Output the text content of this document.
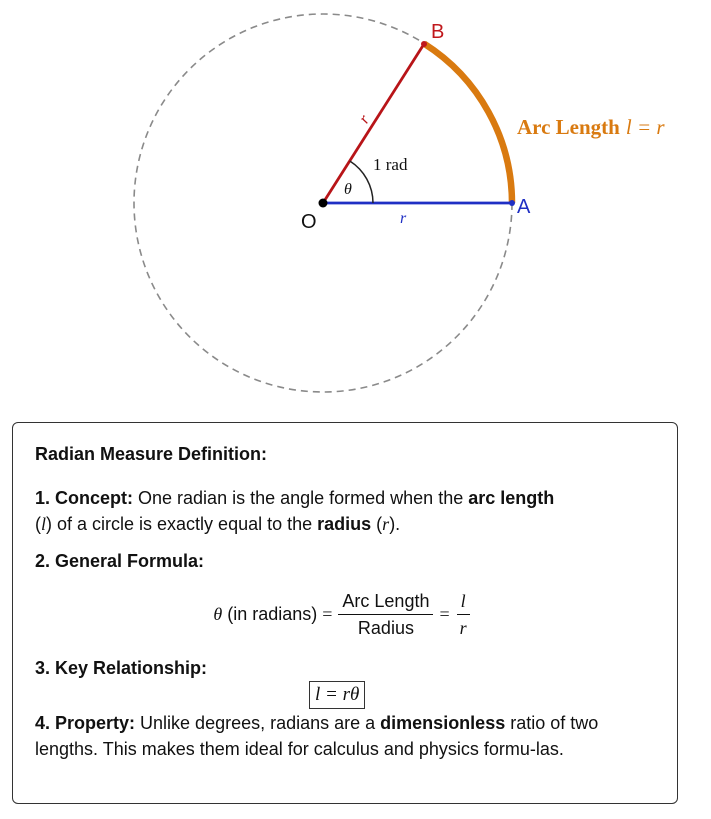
O
A
B
r
r
θ
1 rad
Arc Length l = r
Radian Measure Definition:
1. Concept: One radian is the angle formed when the arc length
(l) of a circle is exactly equal to the radius (r).
2. General Formula:
θ (in radians) = $\frac{\text{Arc Length}}{\text{Radius}} = \frac{l}{r}$
3. Key Relationship:
l = rθ
4. Property: Unlike degrees, radians are a dimensionless ratio of two lengths. This makes them ideal for calculus and physics formu-las.
